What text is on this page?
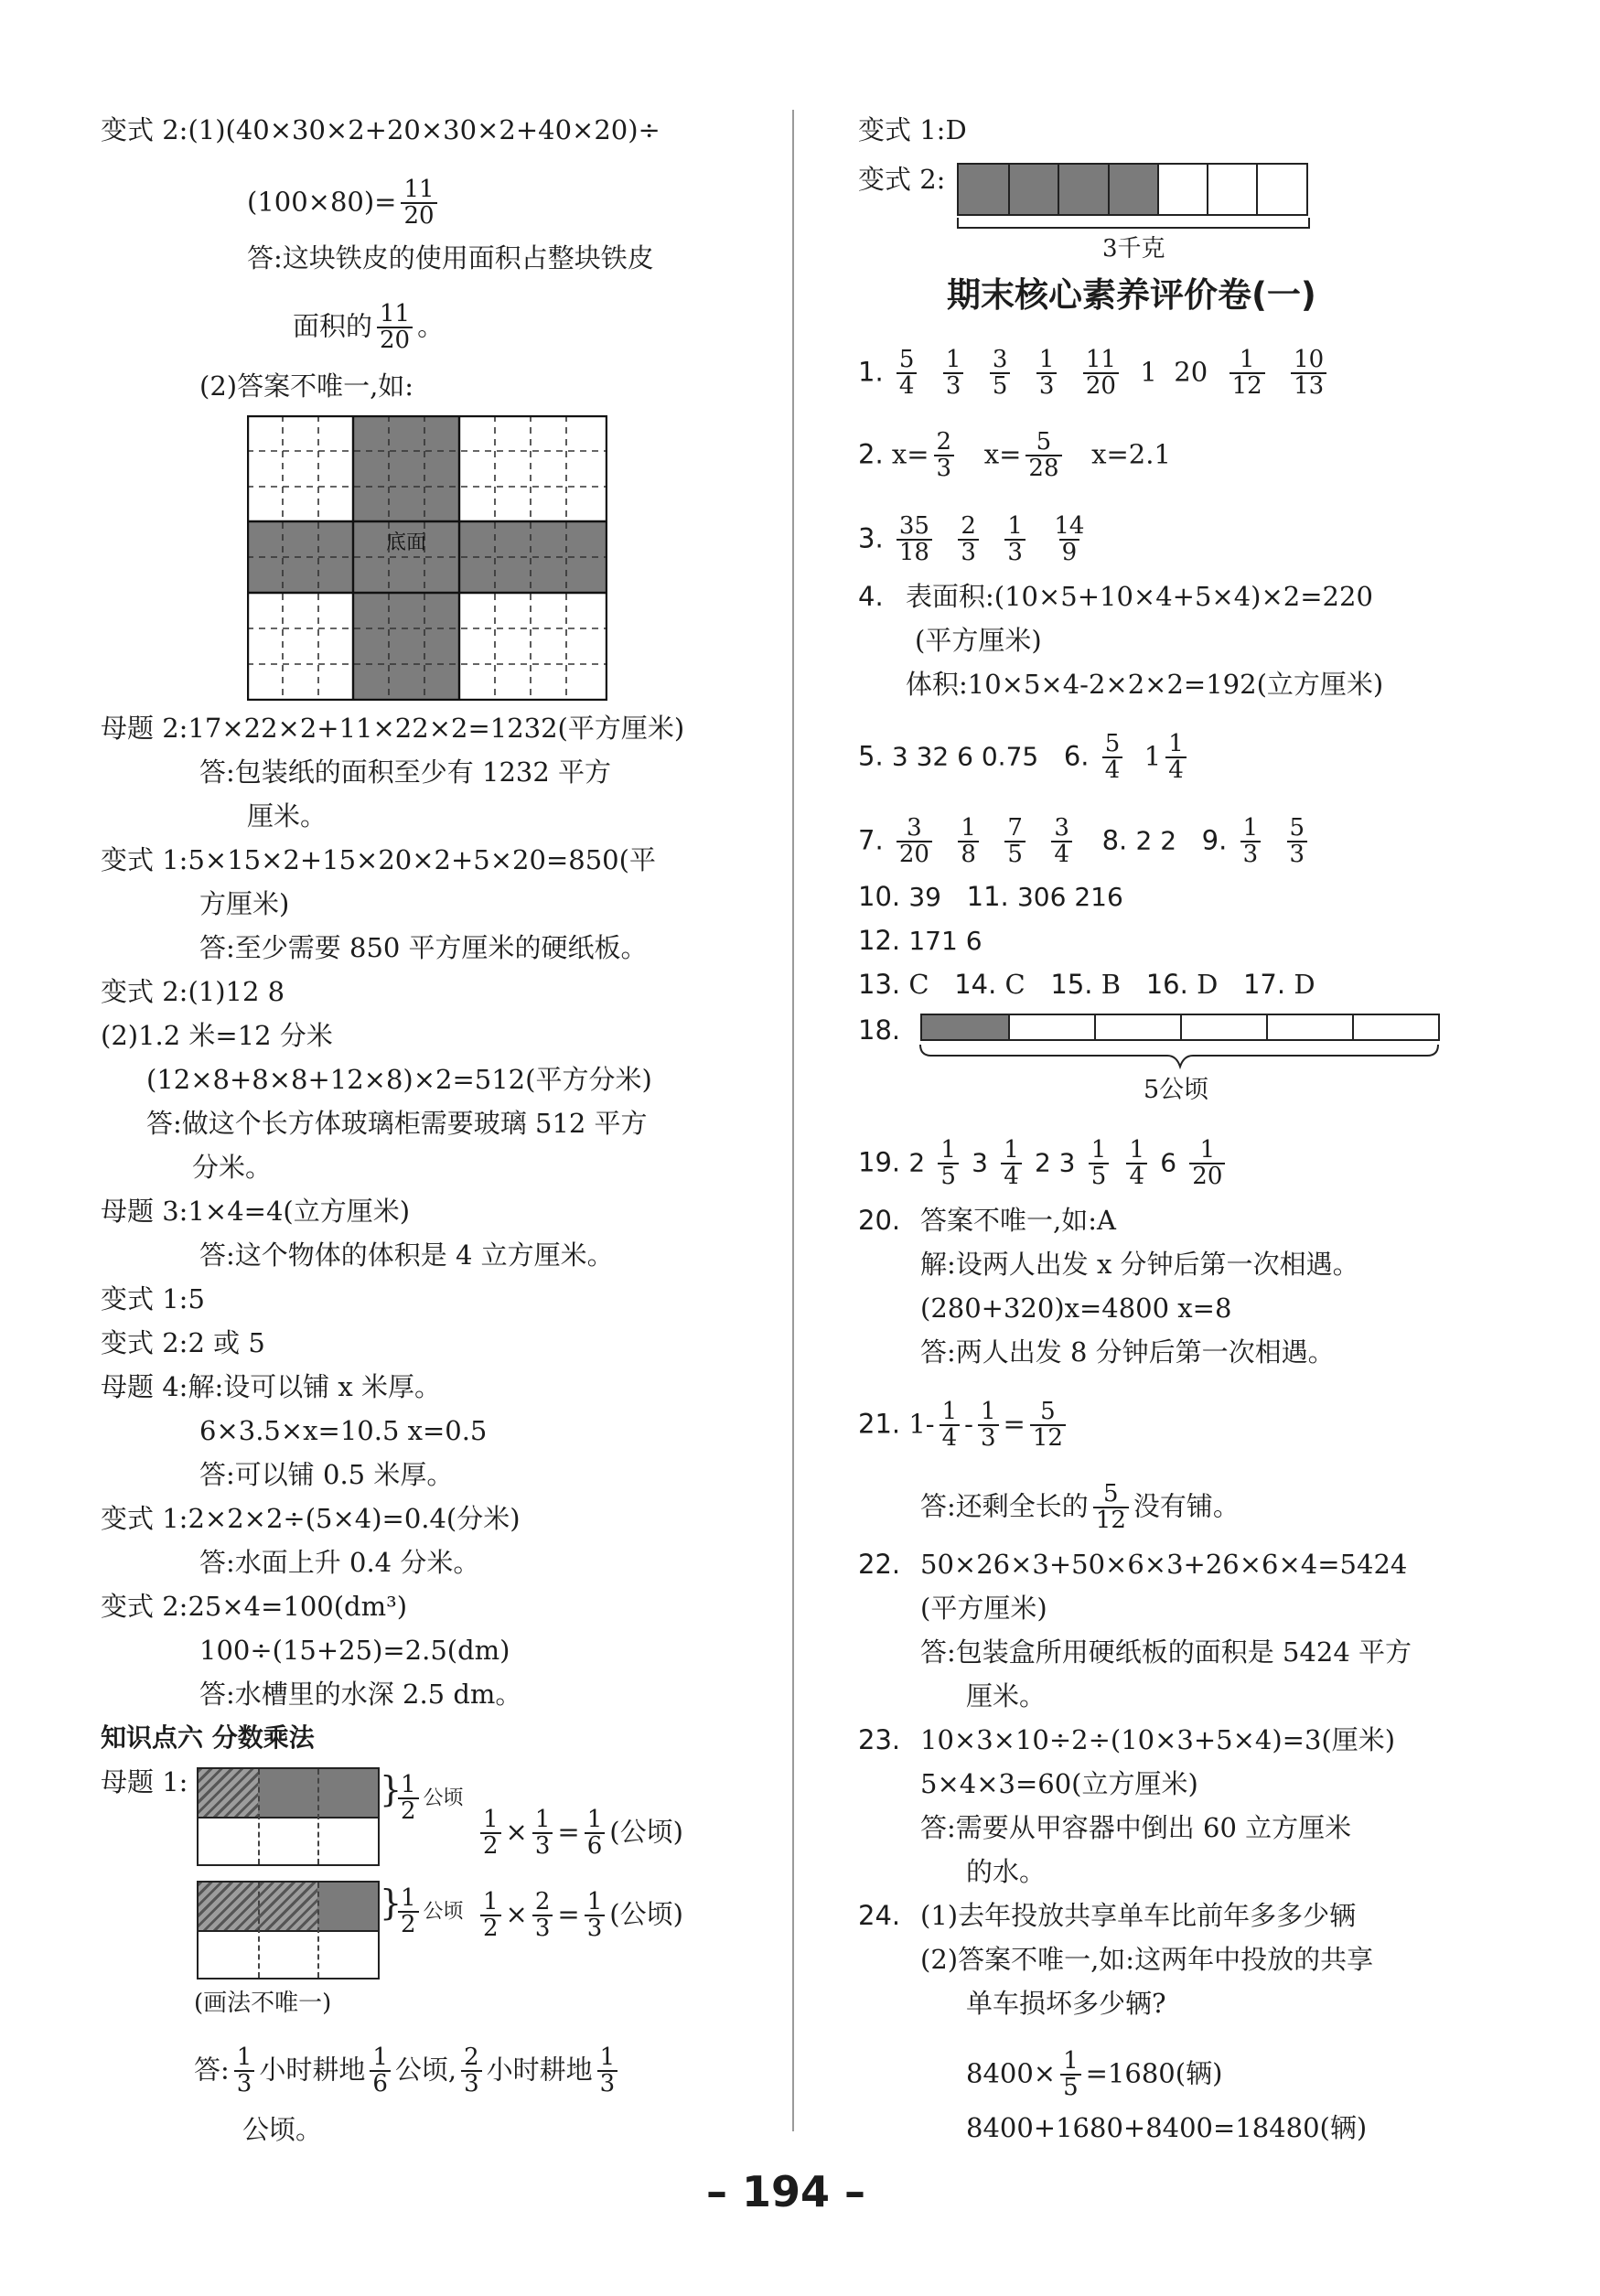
变式 2:(1)(40×30×2+20×30×2+40×20)÷
$(100\times 80)= \frac{11}{20}$
答:这块铁皮的使用面积占整块铁皮
面积的 $\frac{11}{20}$ 。
(2)答案不唯一,如:
底面
母题 2:17×22×2+11×22×2=1232(平方厘米)
答:包装纸的面积至少有 1232 平方
厘米。
变式 1:5×15×2+15×20×2+5×20=850(平
方厘米)
答:至少需要 850 平方厘米的硬纸板。
变式 2:(1)12 8
(2)1.2 米=12 分米
(12×8+8×8+12×8)×2=512(平方分米)
答:做这个长方体玻璃柜需要玻璃 512 平方
分米。
母题 3:1×4=4(立方厘米)
答:这个物体的体积是 4 立方厘米。
变式 1:5
变式 2:2 或 5
母题 4:解:设可以铺 x 米厚。
6×3.5×x=10.5 x=0.5
答:可以铺 0.5 米厚。
变式 1:2×2×2÷(5×4)=0.4(分米)
答:水面上升 0.4 分米。
变式 2:25×4=100(dm³)
100÷(15+25)=2.5(dm)
答:水槽里的水深 2.5 dm。
知识点六 分数乘法
母题 1:	}
$\frac{1}{2}$ 公顷
$\frac{1}{2} \times \frac{1}{3} = \frac{1}{6}$ (公顷)
}
$\frac{1}{2}$ 公顷 $\frac{1}{2} \times \frac{2}{3} = \frac{1}{3}$ (公顷)
(画法不唯一)
答: $\frac{1}{3}$ 小时耕地 $\frac{1}{6}$ 公顷, $\frac{2}{3}$ 小时耕地 $\frac{1}{3}$
公顷。
变式 1:D
变式 2:
3千克
期末核心素养评价卷(一)
1. $\frac{5}{4}$
$\frac{1}{3}$
$\frac{3}{5}$
$\frac{1}{3}$
$\frac{11}{20} 1$ $20 \frac{1}{12}$
$\frac{10}{13}$
2. $x= \frac{2}{3} x= \frac{5}{28} x=2.1$
3. $\frac{35}{18}$
$\frac{2}{3}$
$\frac{1}{3}$
$\frac{14}{9}$
4. 表面积:(10×5+10×4+5×4)×2=220
(平方厘米)
体积:10×5×4-2×2×2=192(立方厘米)
5. 3 32 6 0.75 6. $\frac{5}{4} 1 \frac{1}{4}$
7. $\frac{3}{20}$
$\frac{1}{8}$
$\frac{7}{5}$
$\frac{3}{4} 8$. 2 2 9. $\frac{1}{3}$
$\frac{5}{3}$
10. 39 11. 306 216
12. 171 6
13. C 14. C 15. B 16. D 17. D
18.
5公顷
19. $2 \frac{1}{5} 3 \frac{1}{4} 2$ $3 \frac{1}{5}$
$\frac{1}{4} 6 \frac{1}{20}$
20. 答案不唯一,如:A
解:设两人出发 x 分钟后第一次相遇。
(280+320)x=4800 x=8
答:两人出发 8 分钟后第一次相遇。
21. $1- \frac{1}{4} - \frac{1}{3} = \frac{5}{12}$
答:还剩全长的 $\frac{5}{12}$ 没有铺。
22. 50×26×3+50×6×3+26×6×4=5424
(平方厘米)
答:包装盒所用硬纸板的面积是 5424 平方
厘米。
23. 10×3×10÷2÷(10×3+5×4)=3(厘米)
5×4×3=60(立方厘米)
答:需要从甲容器中倒出 60 立方厘米
的水。
24. (1)去年投放共享单车比前年多多少辆
(2)答案不唯一,如:这两年中投放的共享
单车损坏多少辆?
$8400\times \frac{1}{5} =1680$(辆)
8400+1680+8400=18480(辆)
– 194 –
